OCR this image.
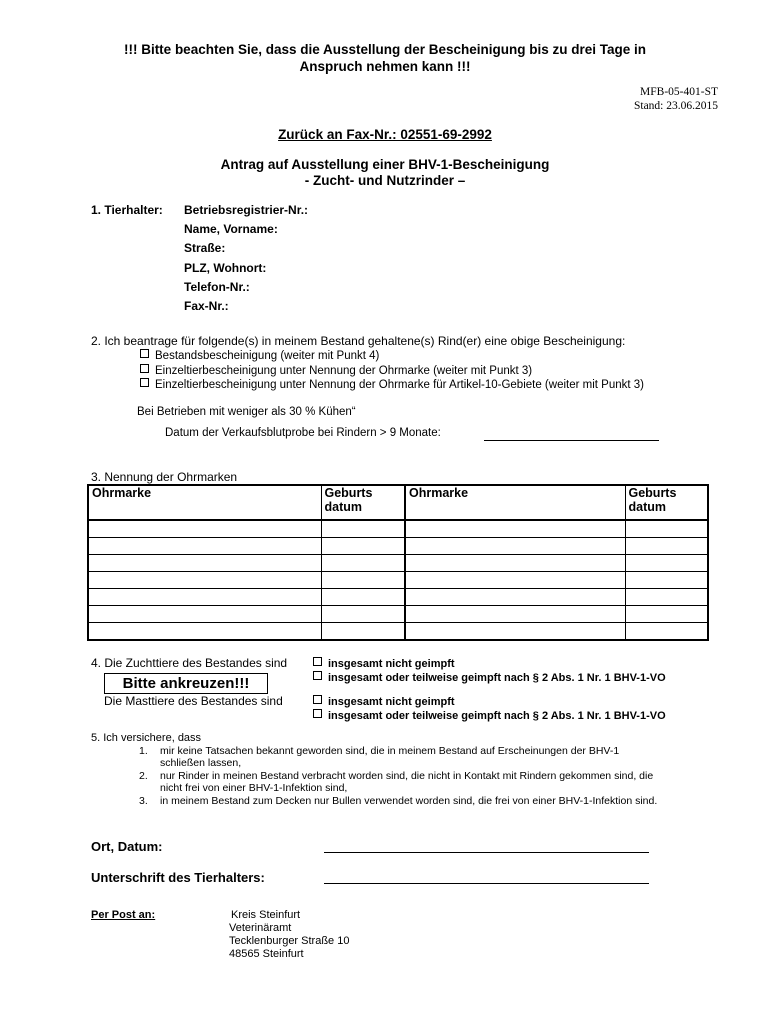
!!! Bitte beachten Sie, dass die Ausstellung der Bescheinigung bis zu drei Tage in
Anspruch nehmen kann !!!
MFB-05-401-ST
Stand: 23.06.2015
Zurück an Fax-Nr.: 02551-69-2992
Antrag auf Ausstellung einer BHV-1-Bescheinigung
- Zucht- und Nutzrinder –
1. Tierhalter: Betriebsregistrier-Nr.:
Name, Vorname:
Straße:
PLZ, Wohnort:
Telefon-Nr.:
Fax-Nr.:
2. Ich beantrage für folgende(s) in meinem Bestand gehaltene(s) Rind(er) eine obige Bescheinigung:
Bestandsbescheinigung (weiter mit Punkt 4)
Einzeltierbescheinigung unter Nennung der Ohrmarke (weiter mit Punkt 3)
Einzeltierbescheinigung unter Nennung der Ohrmarke für Artikel-10-Gebiete (weiter mit Punkt 3)
Bei Betrieben mit weniger als 30 % Kühen“
Datum der Verkaufsblutprobe bei Rindern > 9 Monate:
3. Nennung der Ohrmarken
Ohrmarke	Geburts datum	Ohrmarke	Geburts datum

4. Die Zuchttiere des Bestandes sind	insgesamt nicht geimpft
insgesamt oder teilweise geimpft nach § 2 Abs. 1 Nr. 1 BHV-1-VO
Bitte ankreuzen!!!
Die Masttiere des Bestandes sind	insgesamt nicht geimpft
insgesamt oder teilweise geimpft nach § 2 Abs. 1 Nr. 1 BHV-1-VO
5. Ich versichere, dass
1. mir keine Tatsachen bekannt geworden sind, die in meinem Bestand auf Erscheinungen der BHV-1
schließen lassen,
2. nur Rinder in meinen Bestand verbracht worden sind, die nicht in Kontakt mit Rindern gekommen sind, die
nicht frei von einer BHV-1-Infektion sind,
3. in meinem Bestand zum Decken nur Bullen verwendet worden sind, die frei von einer BHV-1-Infektion sind.
Ort, Datum:
Unterschrift des Tierhalters:
Per Post an:	Kreis Steinfurt
Veterinäramt
Tecklenburger Straße 10
48565 Steinfurt
